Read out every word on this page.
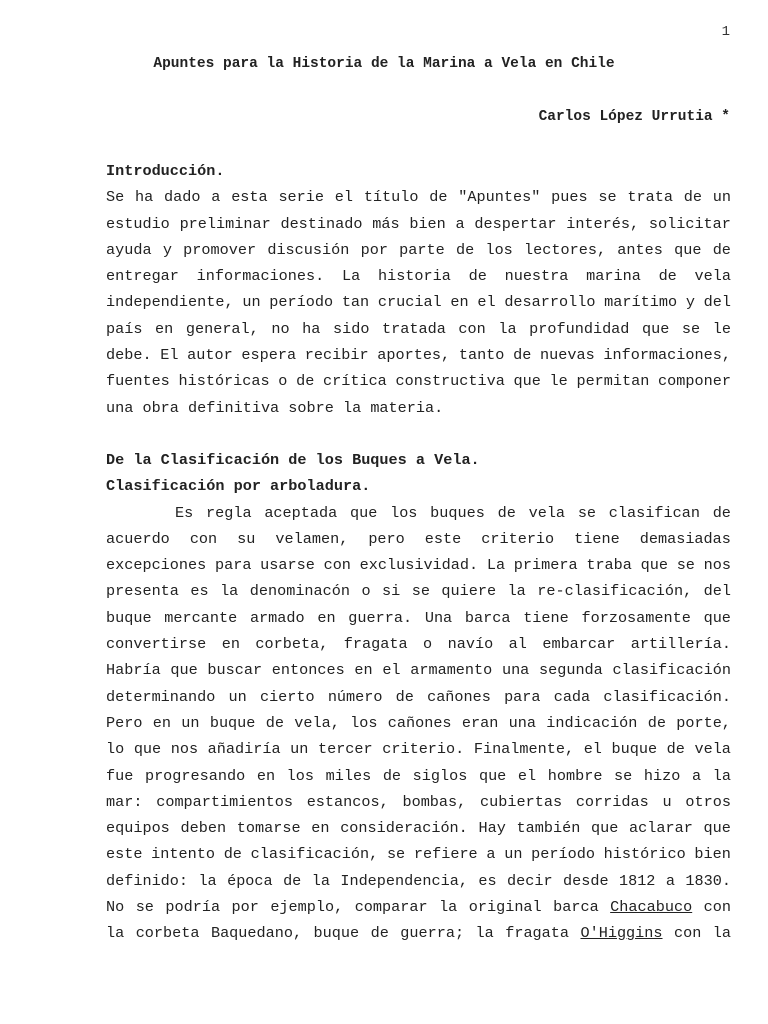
1
Apuntes para la Historia de la Marina a Vela en Chile
Carlos López Urrutia *
Introducción.
Se ha dado a esta serie el título de "Apuntes" pues se trata de un
estudio preliminar destinado más bien a despertar interés, solicitar
ayuda y promover discusión por parte de los lectores, antes que de
entregar informaciones. La historia de nuestra marina de vela
independiente, un período tan crucial en el desarrollo marítimo y del
país en general, no ha sido tratada con la profundidad que se le
debe. El autor espera recibir aportes, tanto de nuevas informaciones,
fuentes históricas o de crítica constructiva que le permitan componer
una obra definitiva sobre la materia.
De la Clasificación de los Buques a Vela.
Clasificación por arboladura.
Es regla aceptada que los buques de vela se clasifican de
acuerdo con su velamen, pero este criterio tiene demasiadas
excepciones para usarse con exclusividad. La primera traba que se nos
presenta es la denominacón o si se quiere la re-clasificación, del
buque mercante armado en guerra. Una barca tiene forzosamente que
convertirse en corbeta, fragata o navío al embarcar artillería.
Habría que buscar entonces en el armamento una segunda clasificación
determinando un cierto número de cañones para cada clasificación.
Pero en un buque de vela, los cañones eran una indicación de porte,
lo que nos añadiría un tercer criterio. Finalmente, el buque de vela
fue progresando en los miles de siglos que el hombre se hizo a la
mar: compartimientos estancos, bombas, cubiertas corridas u otros
equipos deben tomarse en consideración. Hay también que aclarar que
este intento de clasificación, se refiere a un período histórico bien
definido: la época de la Independencia, es decir desde 1812 a 1830.
No se podría por ejemplo, comparar la original barca Chacabuco con
la corbeta Baquedano, buque de guerra; la fragata O'Higgins con la
